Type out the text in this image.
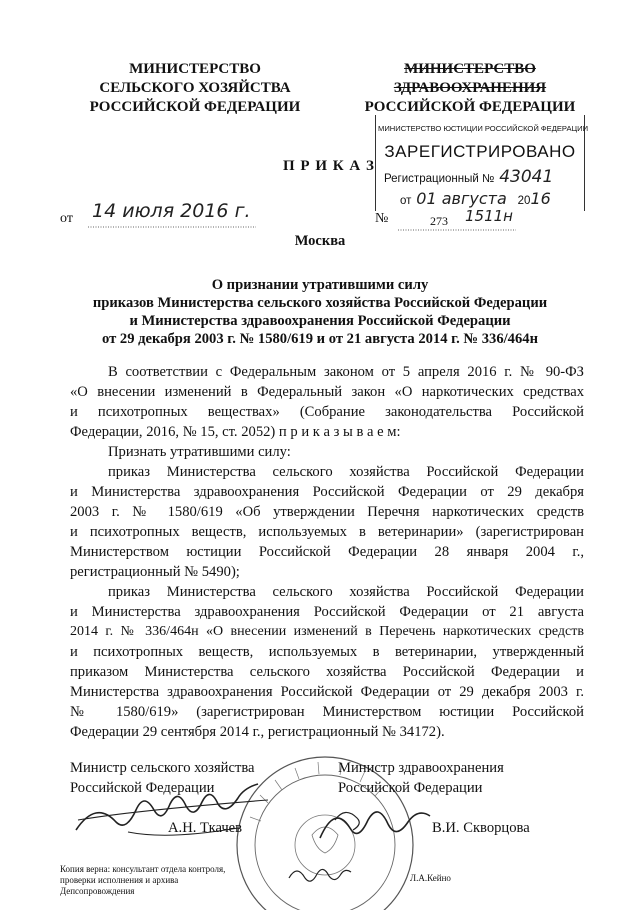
МИНИСТЕРСТВО
СЕЛЬСКОГО ХОЗЯЙСТВА
РОССИЙСКОЙ ФЕДЕРАЦИИ
МИНИСТЕРСТВО
ЗДРАВООХРАНЕНИЯ
РОССИЙСКОЙ ФЕДЕРАЦИИ
МИНИСТЕРСТВО ЮСТИЦИИ РОССИЙСКОЙ ФЕДЕРАЦИИ
ЗАРЕГИСТРИРОВАНО
Регистрационный № 43041
от 01 августа 2016
П Р И К А З
от 14 июля 2016 г.	№	273 1511н
Москва
О признании утратившими силу
приказов Министерства сельского хозяйства Российской Федерации
и Министерства здравоохранения Российской Федерации
от 29 декабря 2003 г. № 1580/619 и от 21 августа 2014 г. № 336/464н
В соответствии с Федеральным законом от 5 апреля 2016 г. № 90-ФЗ
«О внесении изменений в Федеральный закон «О наркотических средствах
и психотропных веществах» (Собрание законодательства Российской
Федерации, 2016, № 15, ст. 2052) п р и к а з ы в а е м:
Признать утратившими силу:
приказ Министерства сельского хозяйства Российской Федерации
и Министерства здравоохранения Российской Федерации от 29 декабря
2003 г. № 1580/619 «Об утверждении Перечня наркотических средств
и психотропных веществ, используемых в ветеринарии» (зарегистрирован
Министерством юстиции Российской Федерации 28 января 2004 г.,
регистрационный № 5490);
приказ Министерства сельского хозяйства Российской Федерации
и Министерства здравоохранения Российской Федерации от 21 августа
2014 г. № 336/464н «О внесении изменений в Перечень наркотических средств
и психотропных веществ, используемых в ветеринарии, утвержденный
приказом Министерства сельского хозяйства Российской Федерации и
Министерства здравоохранения Российской Федерации от 29 декабря 2003 г.
№ 1580/619» (зарегистрирован Министерством юстиции Российской
Федерации 29 сентября 2014 г., регистрационный № 34172).
Министр сельского хозяйства
Российской Федерации
Министр здравоохранения
Российской Федерации
А.Н. Ткачев	В.И. Скворцова
Копия верна: консультант отдела контроля,
проверки исполнения и архива
Депсопровождения
Л.А.Кейно
